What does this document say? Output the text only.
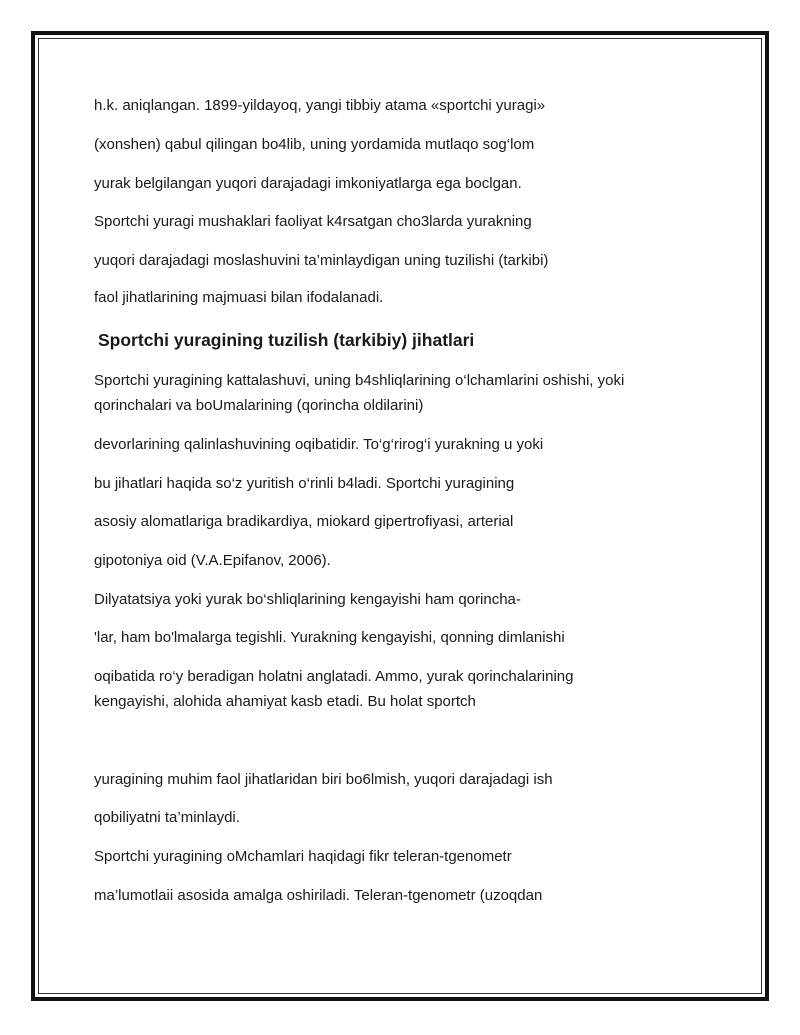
h.k. aniqlangan. 1899-yildayoq, yangi tibbiy atama «sportchi yuragi»

(xonshen) qabul qilingan bo4lib, uning yordamida mutlaqo sog‘lom

yurak belgilangan yuqori darajadagi imkoniyatlarga ega boclgan.

Sportchi yuragi mushaklari faoliyat k4rsatgan cho3larda yurakning

yuqori darajadagi moslashuvini ta’minlaydigan uning tuzilishi (tarkibi)

faol jihatlarining majmuasi bilan ifodalanadi.

Sportchi yuragining tuzilish (tarkibiy) jihatlari

Sportchi yuragining kattalashuvi, uning b4shliqlarining o‘lchamlarini oshishi, yoki

qorinchalari va boUmalarining (qorincha oldilarini)

devorlarining qalinlashuvining oqibatidir. To‘g‘rirog‘i yurakning u yoki

bu jihatlari haqida so‘z yuritish o‘rinli b4ladi. Sportchi yuragining

asosiy alomatlariga bradikardiya, miokard gipertrofiyasi, arterial

gipotoniya oid (V.A.Epifanov, 2006).

Dilyatatsiya yoki yurak bo‘shliqlarining kengayishi ham qorincha-

'lar, ham bo'lmalarga tegishli. Yurakning kengayishi, qonning dimlanishi

oqibatida ro‘y beradigan holatni anglatadi. Ammo, yurak qorinchalarining

kengayishi, alohida ahamiyat kasb etadi. Bu holat sportch

yuragining muhim faol jihatlaridan biri bo6lmish, yuqori darajadagi ish

qobiliyatni ta’minlaydi.

Sportchi yuragining oMchamlari haqidagi fikr teleran-tgenometr

ma’lumotlaii asosida amalga oshiriladi. Teleran-tgenometr (uzoqdan
